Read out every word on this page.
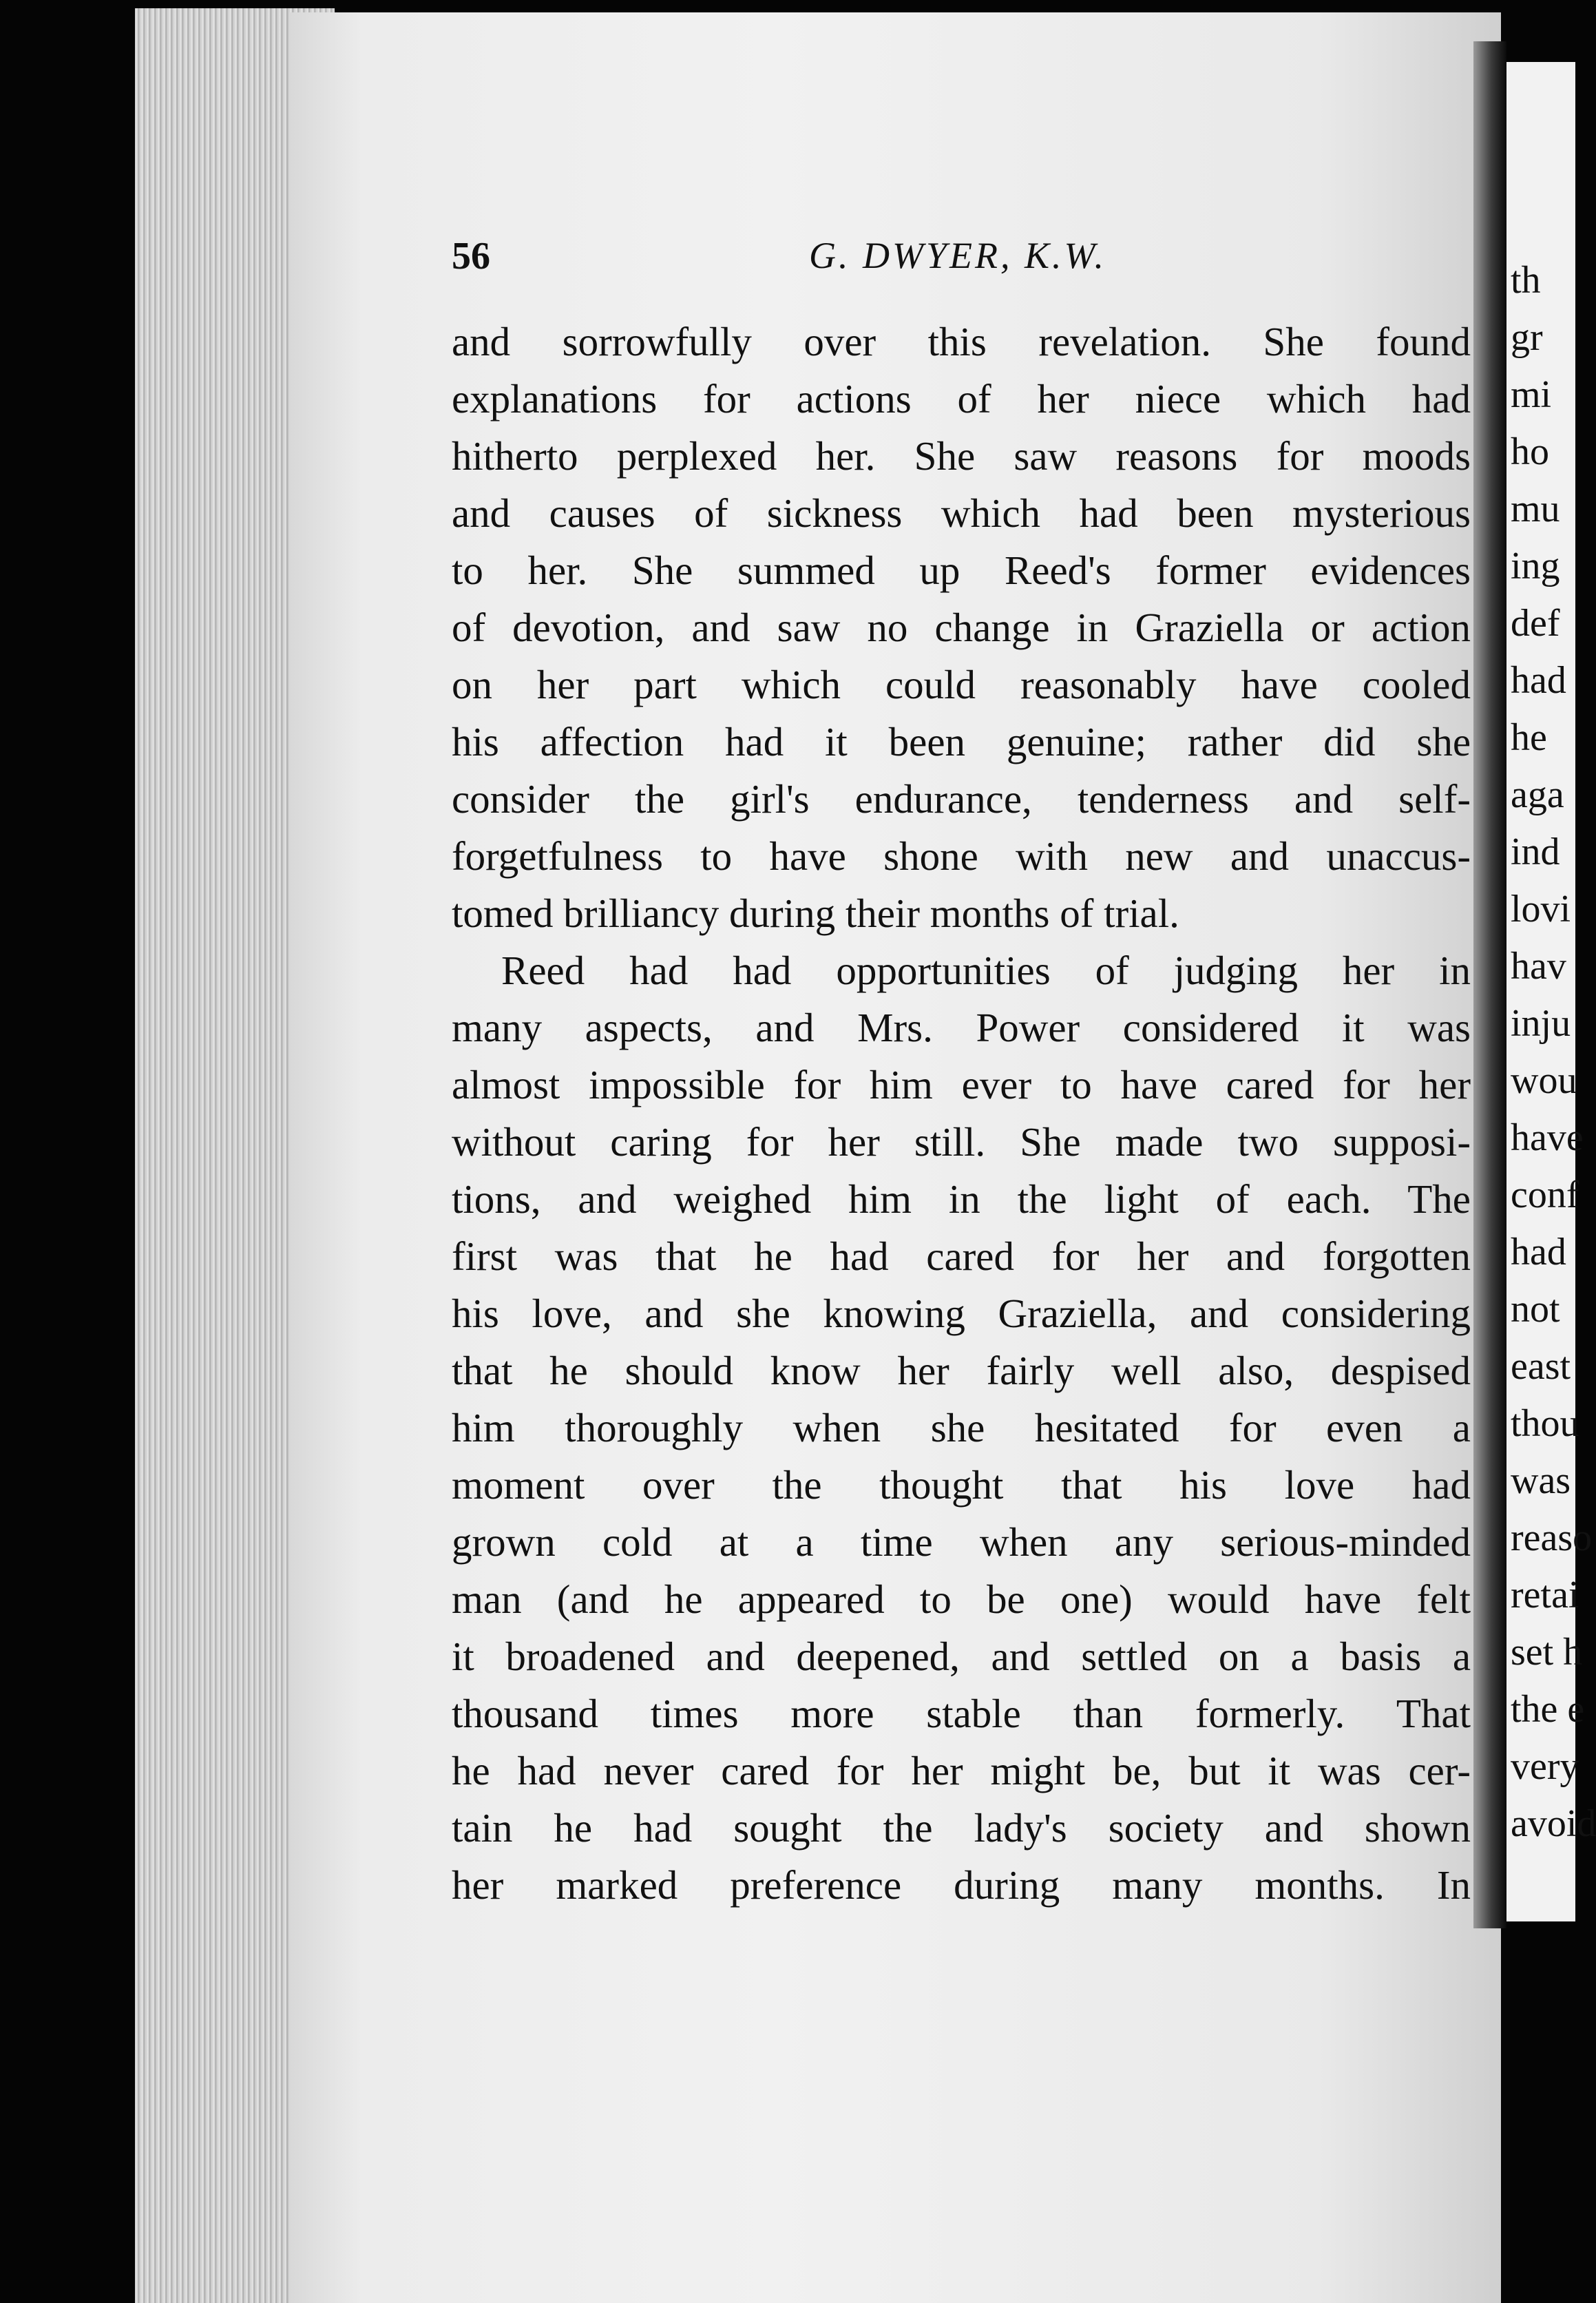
56	G. DWYER, K.W.
and sorrowfully over this revelation. She found
explanations for actions of her niece which had
hitherto perplexed her. She saw reasons for moods
and causes of sickness which had been mysterious
to her. She summed up Reed's former evidences
of devotion, and saw no change in Graziella or action
on her part which could reasonably have cooled
his affection had it been genuine; rather did she
consider the girl's endurance, tenderness and self-
forgetfulness to have shone with new and unaccus-
tomed brilliancy during their months of trial.
Reed had had opportunities of judging her in
many aspects, and Mrs. Power considered it was
almost impossible for him ever to have cared for her
without caring for her still. She made two supposi-
tions, and weighed him in the light of each. The
first was that he had cared for her and forgotten
his love, and she knowing Graziella, and considering
that he should know her fairly well also, despised
him thoroughly when she hesitated for even a
moment over the thought that his love had
grown cold at a time when any serious-minded
man (and he appeared to be one) would have felt
it broadened and deepened, and settled on a basis a
thousand times more stable than formerly. That
he had never cared for her might be, but it was cer-
tain he had sought the lady's society and shown
her marked preference during many months. In
th
gr
mi
ho
mu
ing
def
had
he
aga
ind
lovi
hav
inju
wou
have
conf
had
not
east
thou
was
reaso
retai
set h
the e
very
avoid
